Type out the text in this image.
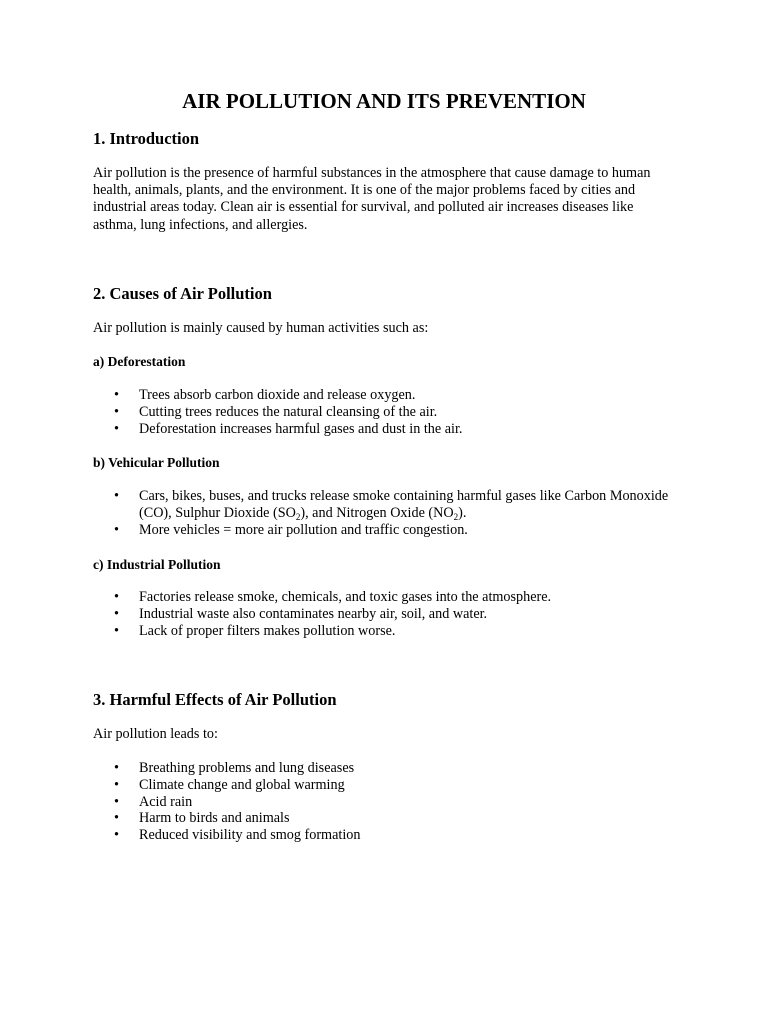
AIR POLLUTION AND ITS PREVENTION
1. Introduction

Air pollution is the presence of harmful substances in the atmosphere that cause damage to human health, animals, plants, and the environment. It is one of the major problems faced by cities and industrial areas today. Clean air is essential for survival, and polluted air increases diseases like asthma, lung infections, and allergies.

2. Causes of Air Pollution

Air pollution is mainly caused by human activities such as:

a) Deforestation
• Trees absorb carbon dioxide and release oxygen.
• Cutting trees reduces the natural cleansing of the air.
• Deforestation increases harmful gases and dust in the air.
b) Vehicular Pollution
• Cars, bikes, buses, and trucks release smoke containing harmful gases like Carbon Monoxide (CO), Sulphur Dioxide $(SO_2)$, and Nitrogen Oxide $(NO_2)$.
• More vehicles = more air pollution and traffic congestion.
c) Industrial Pollution
• Factories release smoke, chemicals, and toxic gases into the atmosphere.
• Industrial waste also contaminates nearby air, soil, and water.
• Lack of proper filters makes pollution worse.
3. Harmful Effects of Air Pollution

Air pollution leads to:

• Breathing problems and lung diseases
• Climate change and global warming
• Acid rain
• Harm to birds and animals
• Reduced visibility and smog formation
